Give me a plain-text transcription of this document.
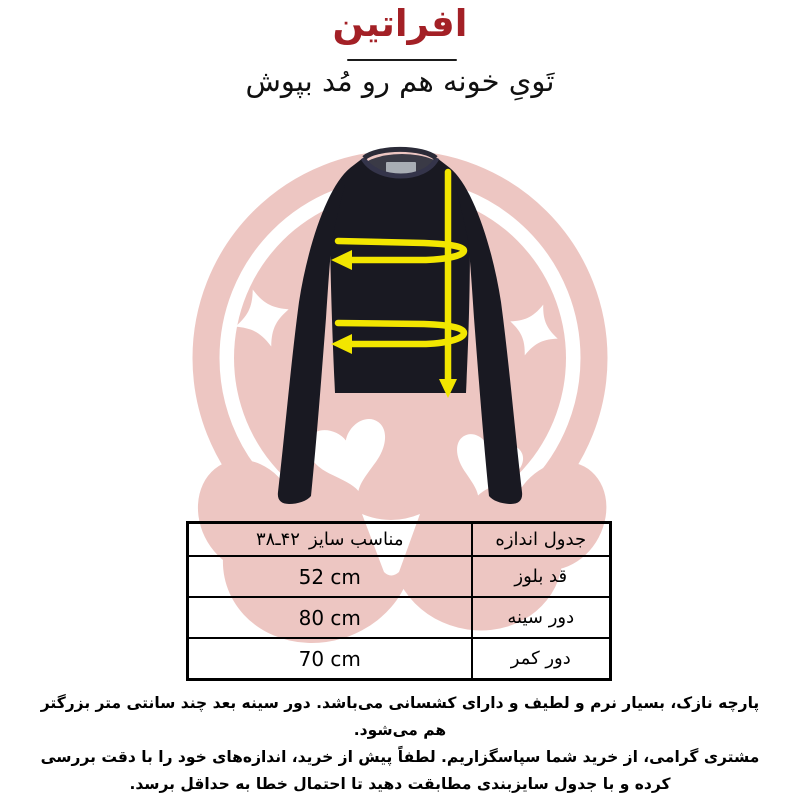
افراتین
تَویِ خونه هم رو مُد بپوش
جدول اندازه	مناسب سایز۳۸ـ۴۲
قد بلوز	52 cm
دور سینه	80 cm
دور کمر	70 cm
پارچه نازک، بسیار نرم و لطیف و دارای کشسانی می‌باشد. دور سینه بعد چند سانتی متر بزرگتر
هم می‌شود.
مشتری گرامی، از خرید شما سپاسگزاریم. لطفاً پیش از خرید، اندازه‌های خود را با دقت بررسی
کرده و با جدول سایزبندی مطابقت دهید تا احتمال خطا به حداقل برسد.
